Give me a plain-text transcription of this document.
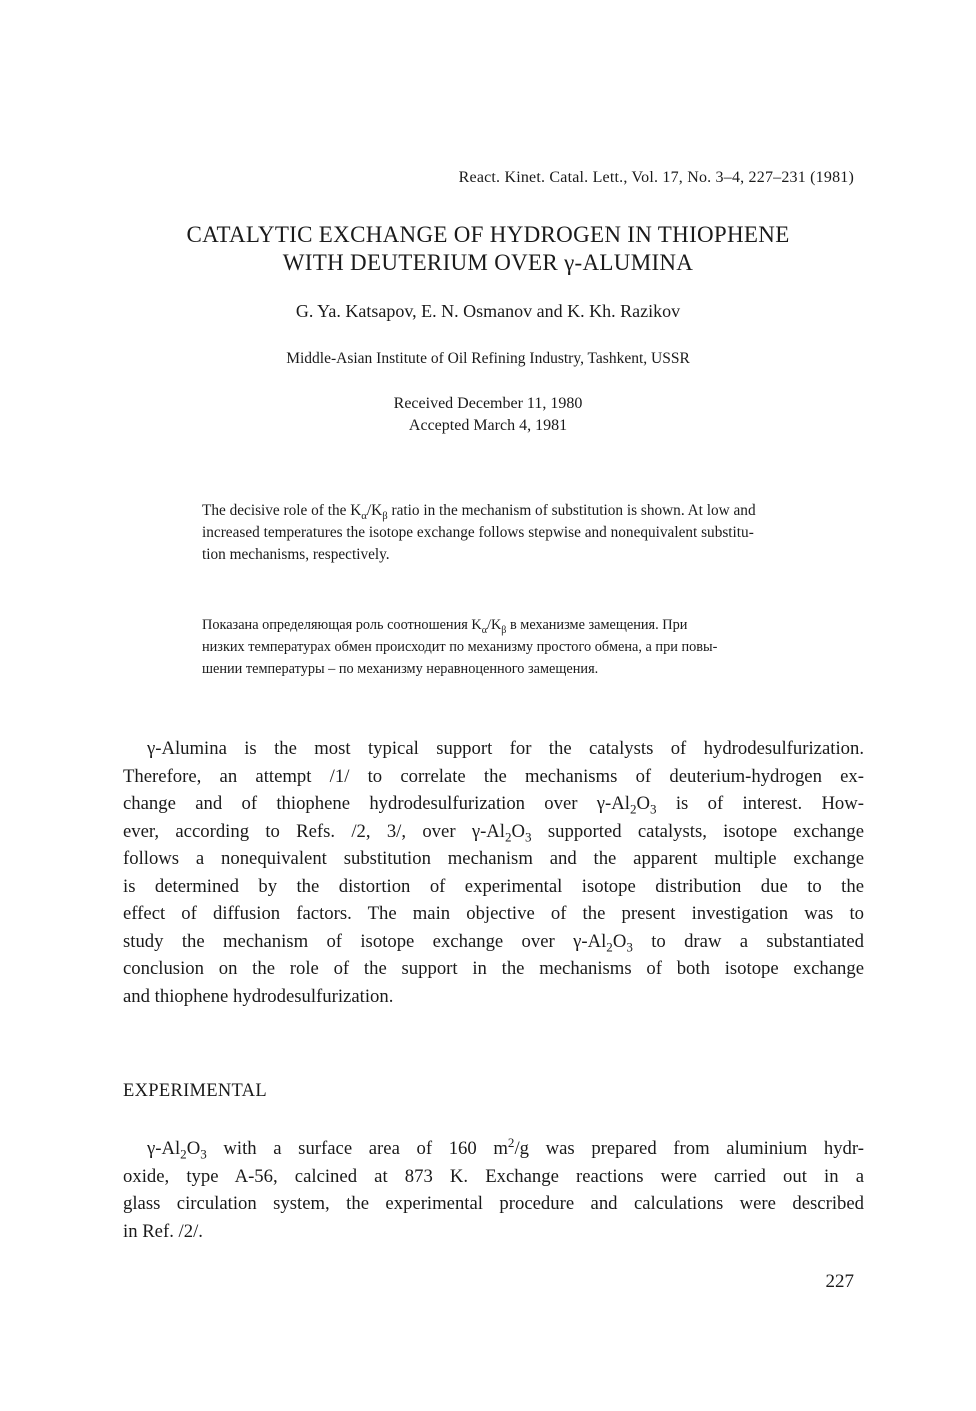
React. Kinet. Catal. Lett., Vol. 17, No. 3–4, 227–231 (1981)
CATALYTIC EXCHANGE OF HYDROGEN IN THIOPHENE
WITH DEUTERIUM OVER γ-ALUMINA
G. Ya. Katsapov, E. N. Osmanov and K. Kh. Razikov
Middle-Asian Institute of Oil Refining Industry, Tashkent, USSR
Received December 11, 1980
Accepted March 4, 1981
The decisive role of the $K_\alpha/K_\beta$ ratio in the mechanism of substitution is shown. At low and
increased temperatures the isotope exchange follows stepwise and nonequivalent substitu-
tion mechanisms, respectively.
Показана определяющая роль соотношения $K_\alpha/K_\beta$ в механизме замещения. При
низких температурах обмен происходит по механизму простого обмена, а при повы-
шении температуры – по механизму неравноценного замещения.
γ-Alumina is the most typical support for the catalysts of hydrodesulfurization.
Therefore, an attempt /1/ to correlate the mechanisms of deuterium-hydrogen ex-
change and of thiophene hydrodesulfurization over $\gamma-Al_2O_3$ is of interest. How-
ever, according to Refs. /2, 3/, over $\gamma-Al_2O_3$ supported catalysts, isotope exchange
follows a nonequivalent substitution mechanism and the apparent multiple exchange
is determined by the distortion of experimental isotope distribution due to the
effect of diffusion factors. The main objective of the present investigation was to
study the mechanism of isotope exchange over $\gamma-Al_2O_3$ to draw a substantiated
conclusion on the role of the support in the mechanisms of both isotope exchange
and thiophene hydrodesulfurization.
EXPERIMENTAL
$\gamma-Al_2O_3$ with a surface area of 160 $m^2/g$ was prepared from aluminium hydr-
oxide, type A-56, calcined at 873 K. Exchange reactions were carried out in a
glass circulation system, the experimental procedure and calculations were described
in Ref. /2/.
227
